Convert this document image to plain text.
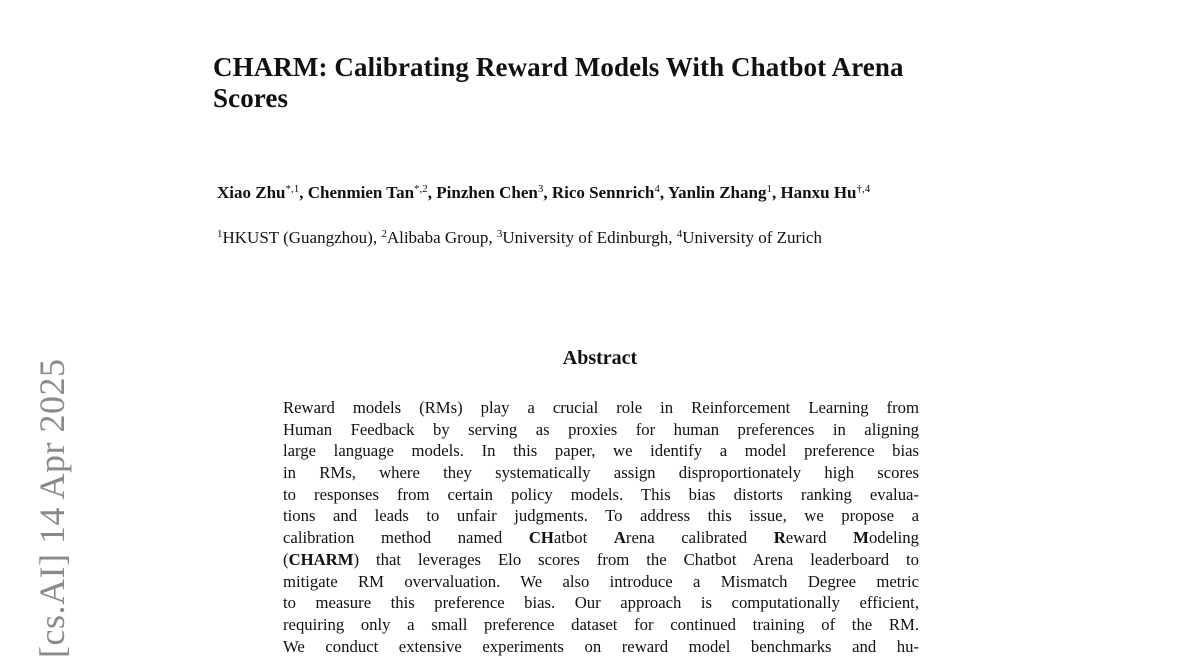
CHARM: Calibrating Reward Models With Chatbot Arena
Scores
Xiao Zhu$^{*,1}$, Chenmien Tan$^{*,2}$, Pinzhen Chen$^3$, Rico Sennrich$^4$, Yanlin Zhang$^1$, Hanxu $Hu^{\dagger,4}$
$^1$HKUST (Guangzhou), $^2$Alibaba Group, $^3$University of Edinburgh, $^4$University of Zurich
[cs.AI] 14 Apr 2025
Abstract
Reward models (RMs) play a crucial role in Reinforcement Learning from
Human Feedback by serving as proxies for human preferences in aligning
large language models. In this paper, we identify a model preference bias
in RMs, where they systematically assign disproportionately high scores
to responses from certain policy models. This bias distorts ranking evalua-
tions and leads to unfair judgments. To address this issue, we propose a
calibration method named CHatbot Arena calibrated Reward Modeling
(CHARM) that leverages Elo scores from the Chatbot Arena leaderboard to
mitigate RM overvaluation. We also introduce a Mismatch Degree metric
to measure this preference bias. Our approach is computationally efficient,
requiring only a small preference dataset for continued training of the RM.
We conduct extensive experiments on reward model benchmarks and hu-
